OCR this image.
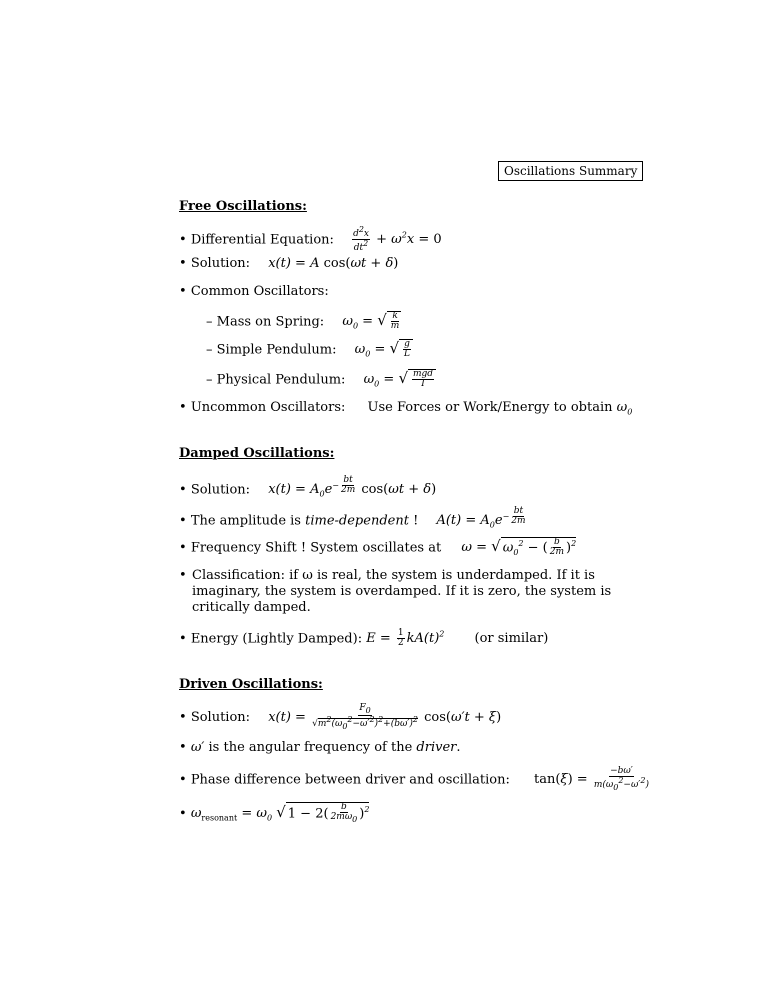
Oscillations Summary
Free Oscillations:
• Differential Equation: $\frac{d^2x}{dt^2} + \omega^2x = 0$
• Solution: x(t) = A cos(ωt + δ)
• Common Oscillators:
– Mass on Spring: $\omega_0$ = √ $\frac{k}{m}$
– Simple Pendulum: $\omega_0$ = √ $\frac{g}{L}$
– Physical Pendulum: $\omega_0$ = √ $\frac{\text{mgd}}{I}$
• Uncommon Oscillators: Use Forces or Work/Energy to obtain $\omega_0$
Damped Oscillations:
• Solution: $x(t) = A_0e^{- \frac{bt}{2m}}$ cos(ωt + δ)
• The amplitude is time-dependent ! $A(t) = A_0e^{- \frac{bt}{2m}}$
• Frequency Shift ! System oscillates at ω = √ $\omega_0^2$ − ( $\frac{b}{2m} )^2$
• Classification: if ω is real, the system is underdamped. If it is imaginary, the system is overdamped. If it is zero, the system is critically damped.
• Energy (Lightly Damped): $E = \frac{1}{2} kA(t)^2$ (or similar)
Driven Oscillations:
• Solution: $x(t) = \frac{F_0}{√m^2(\omega_0^2-\omega'^2)^2+(b\omega')^2} \cos(\omega't + \xi)$
• ω′ is the angular frequency of the driver.
• Phase difference between driver and oscillation: $\tan(\xi) = \frac{-b\omega'}{m(\omega_0^2-\omega'^2)}$
• $\omega_{resonant} = \omega_0$ √ $1 - 2( \frac{b}{2m\omega_0} )^2$
